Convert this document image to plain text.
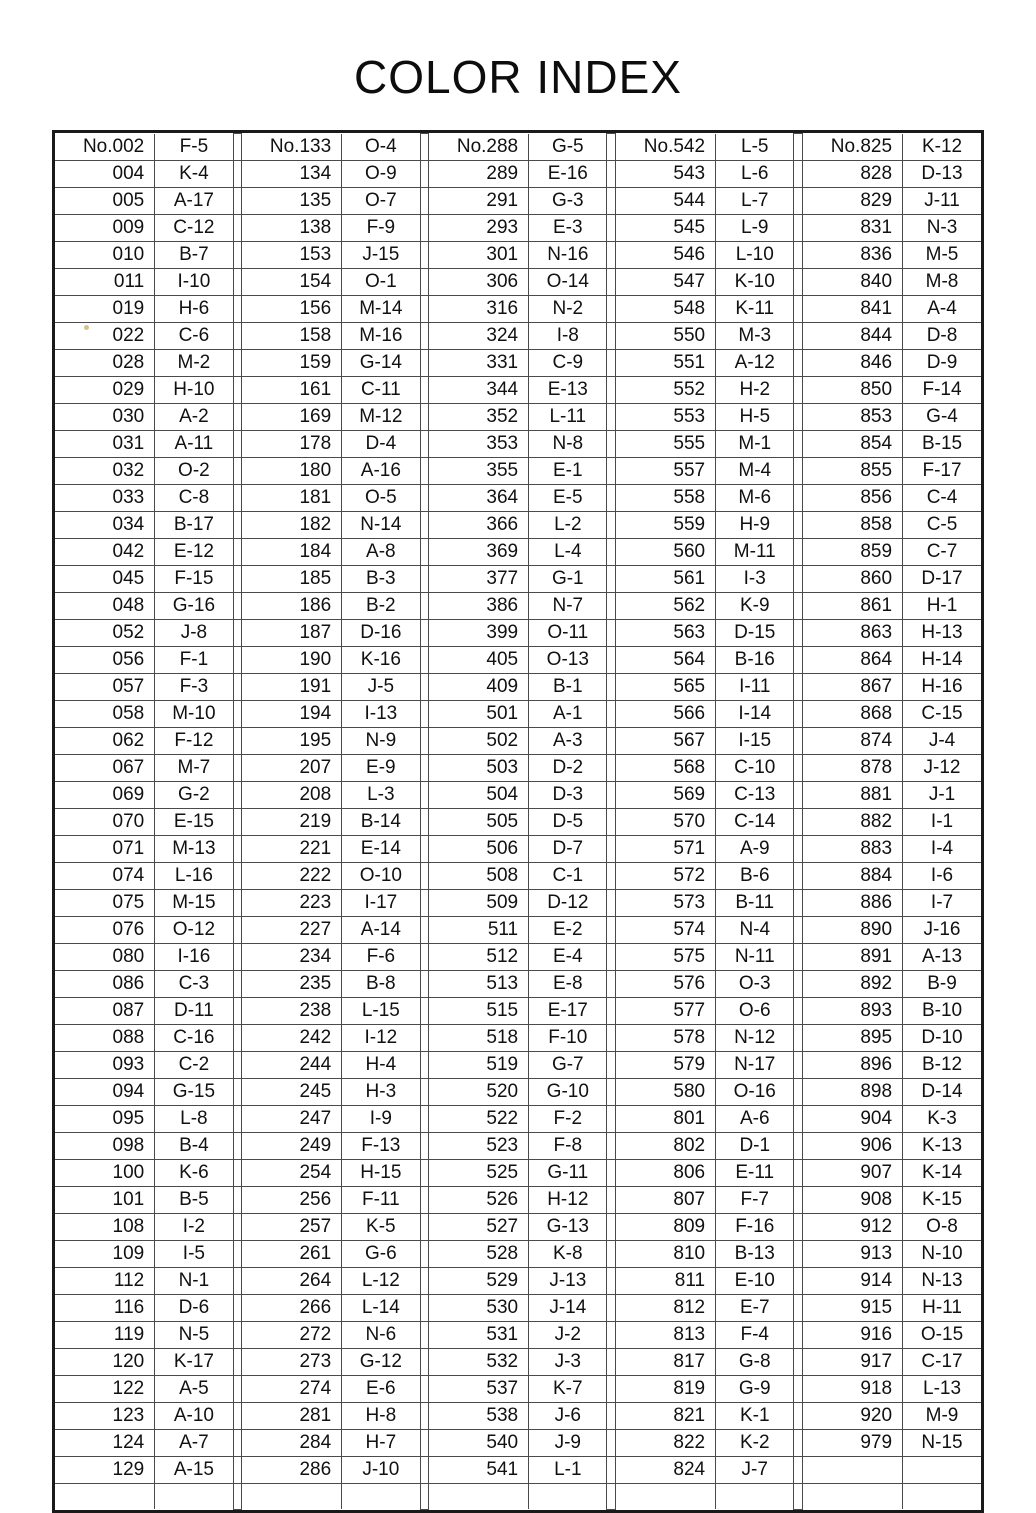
COLOR INDEX
No.002	F-5		No.133	O-4		No.288	G-5		No.542	L-5		No.825	K-12
004	K-4		134	O-9		289	E-16		543	L-6		828	D-13
005	A-17		135	O-7		291	G-3		544	L-7		829	J-11
009	C-12		138	F-9		293	E-3		545	L-9		831	N-3
010	B-7		153	J-15		301	N-16		546	L-10		836	M-5
011	I-10		154	O-1		306	O-14		547	K-10		840	M-8
019	H-6		156	M-14		316	N-2		548	K-11		841	A-4
022	C-6		158	M-16		324	I-8		550	M-3		844	D-8
028	M-2		159	G-14		331	C-9		551	A-12		846	D-9
029	H-10		161	C-11		344	E-13		552	H-2		850	F-14
030	A-2		169	M-12		352	L-11		553	H-5		853	G-4
031	A-11		178	D-4		353	N-8		555	M-1		854	B-15
032	O-2		180	A-16		355	E-1		557	M-4		855	F-17
033	C-8		181	O-5		364	E-5		558	M-6		856	C-4
034	B-17		182	N-14		366	L-2		559	H-9		858	C-5
042	E-12		184	A-8		369	L-4		560	M-11		859	C-7
045	F-15		185	B-3		377	G-1		561	I-3		860	D-17
048	G-16		186	B-2		386	N-7		562	K-9		861	H-1
052	J-8		187	D-16		399	O-11		563	D-15		863	H-13
056	F-1		190	K-16		405	O-13		564	B-16		864	H-14
057	F-3		191	J-5		409	B-1		565	I-11		867	H-16
058	M-10		194	I-13		501	A-1		566	I-14		868	C-15
062	F-12		195	N-9		502	A-3		567	I-15		874	J-4
067	M-7		207	E-9		503	D-2		568	C-10		878	J-12
069	G-2		208	L-3		504	D-3		569	C-13		881	J-1
070	E-15		219	B-14		505	D-5		570	C-14		882	I-1
071	M-13		221	E-14		506	D-7		571	A-9		883	I-4
074	L-16		222	O-10		508	C-1		572	B-6		884	I-6
075	M-15		223	I-17		509	D-12		573	B-11		886	I-7
076	O-12		227	A-14		511	E-2		574	N-4		890	J-16
080	I-16		234	F-6		512	E-4		575	N-11		891	A-13
086	C-3		235	B-8		513	E-8		576	O-3		892	B-9
087	D-11		238	L-15		515	E-17		577	O-6		893	B-10
088	C-16		242	I-12		518	F-10		578	N-12		895	D-10
093	C-2		244	H-4		519	G-7		579	N-17		896	B-12
094	G-15		245	H-3		520	G-10		580	O-16		898	D-14
095	L-8		247	I-9		522	F-2		801	A-6		904	K-3
098	B-4		249	F-13		523	F-8		802	D-1		906	K-13
100	K-6		254	H-15		525	G-11		806	E-11		907	K-14
101	B-5		256	F-11		526	H-12		807	F-7		908	K-15
108	I-2		257	K-5		527	G-13		809	F-16		912	O-8
109	I-5		261	G-6		528	K-8		810	B-13		913	N-10
112	N-1		264	L-12		529	J-13		811	E-10		914	N-13
116	D-6		266	L-14		530	J-14		812	E-7		915	H-11
119	N-5		272	N-6		531	J-2		813	F-4		916	O-15
120	K-17		273	G-12		532	J-3		817	G-8		917	C-17
122	A-5		274	E-6		537	K-7		819	G-9		918	L-13
123	A-10		281	H-8		538	J-6		821	K-1		920	M-9
124	A-7		284	H-7		540	J-9		822	K-2		979	N-15
129	A-15		286	J-10		541	L-1		824	J-7			
